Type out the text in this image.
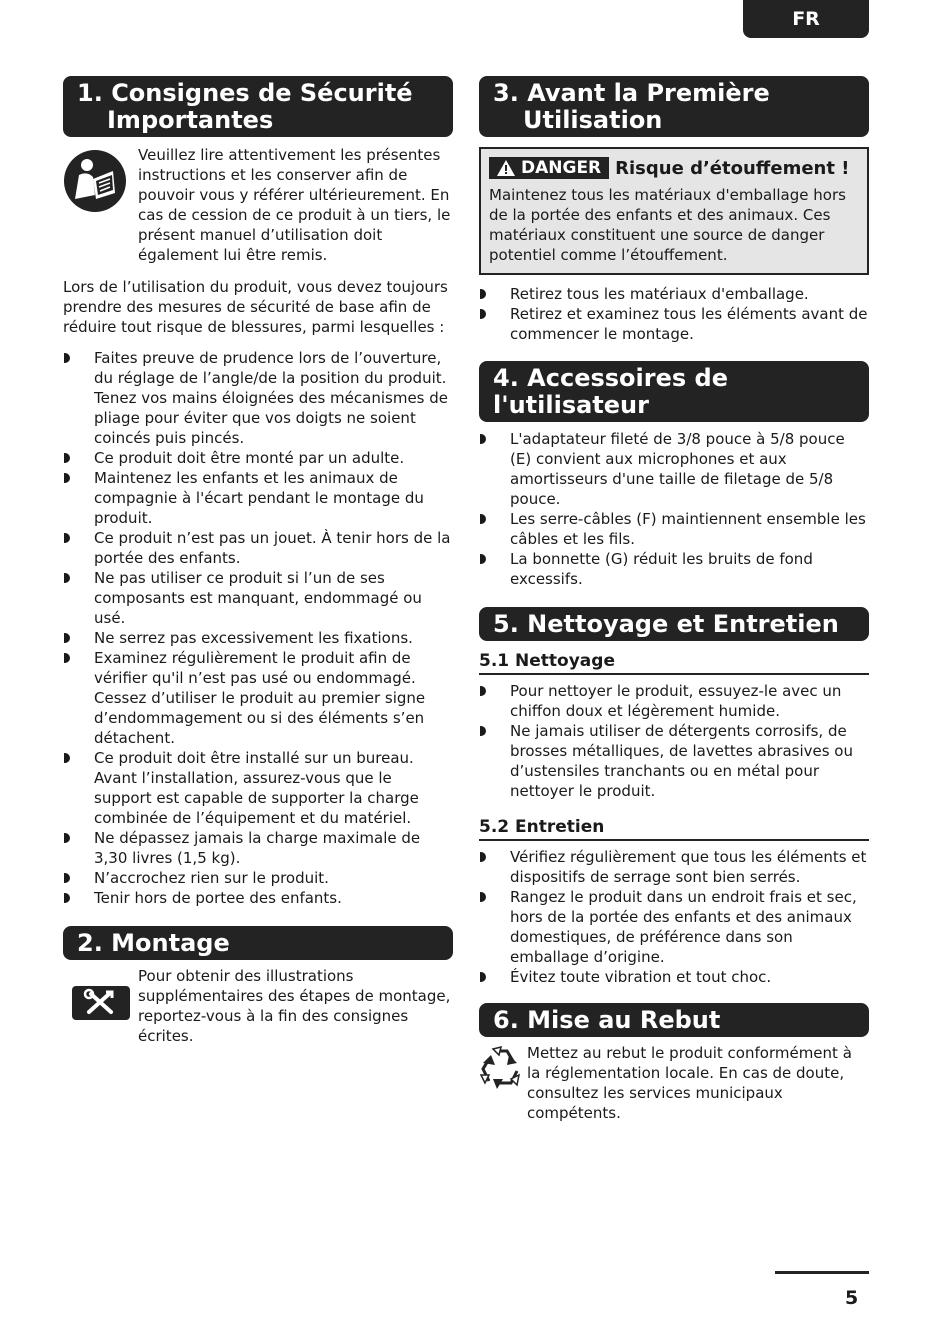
FR
1. Consignes de Sécurité Importantes

Veuillez lire attentivement les présentes instructions et les conserver afin de pouvoir vous y référer ultérieurement. En cas de cession de ce produit à un tiers, le présent manuel d’utilisation doit également lui être remis.

Lors de l’utilisation du produit, vous devez toujours prendre des mesures de sécurité de base afin de réduire tout risque de blessures, parmi lesquelles :

Faites preuve de prudence lors de l’ouverture, du réglage de l’angle/de la position du produit. Tenez vos mains éloignées des mécanismes de pliage pour éviter que vos doigts ne soient coincés puis pincés.
Ce produit doit être monté par un adulte.
Maintenez les enfants et les animaux de compagnie à l'écart pendant le montage du produit.
Ce produit n’est pas un jouet. À tenir hors de la portée des enfants.
Ne pas utiliser ce produit si l’un de ses composants est manquant, endommagé ou usé.
Ne serrez pas excessivement les fixations.
Examinez régulièrement le produit afin de vérifier qu'il n’est pas usé ou endommagé. Cessez d’utiliser le produit au premier signe d’endommagement ou si des éléments s’en détachent.
Ce produit doit être installé sur un bureau. Avant l’installation, assurez-vous que le support est capable de supporter la charge combinée de l’équipement et du matériel.
Ne dépassez jamais la charge maximale de 3,30 livres (1,5 kg).
N’accrochez rien sur le produit.
Tenir hors de portee des enfants.
2. Montage

Pour obtenir des illustrations supplémentaires des étapes de montage, reportez-vous à la fin des consignes écrites.

3. Avant la Première Utilisation
DANGER Risque d’étouffement !

Maintenez tous les matériaux d'emballage hors de la portée des enfants et des animaux. Ces matériaux constituent une source de danger potentiel comme l’étouffement.

Retirez tous les matériaux d'emballage.
Retirez et examinez tous les éléments avant de commencer le montage.
4. Accessoires de l'utilisateur
L'adaptateur fileté de 3/8 pouce à 5/8 pouce (E) convient aux microphones et aux amortisseurs d'une taille de filetage de 5/8 pouce.
Les serre-câbles (F) maintiennent ensemble les câbles et les fils.
La bonnette (G) réduit les bruits de fond excessifs.
5. Nettoyage et Entretien
5.1 Nettoyage
Pour nettoyer le produit, essuyez-le avec un chiffon doux et légèrement humide.
Ne jamais utiliser de détergents corrosifs, de brosses métalliques, de lavettes abrasives ou d’ustensiles tranchants ou en métal pour nettoyer le produit.
5.2 Entretien
Vérifiez régulièrement que tous les éléments et dispositifs de serrage sont bien serrés.
Rangez le produit dans un endroit frais et sec, hors de la portée des enfants et des animaux domestiques, de préférence dans son emballage d’origine.
Évitez toute vibration et tout choc.
6. Mise au Rebut

Mettez au rebut le produit conformément à la réglementation locale. En cas de doute, consultez les services municipaux compétents.

5
